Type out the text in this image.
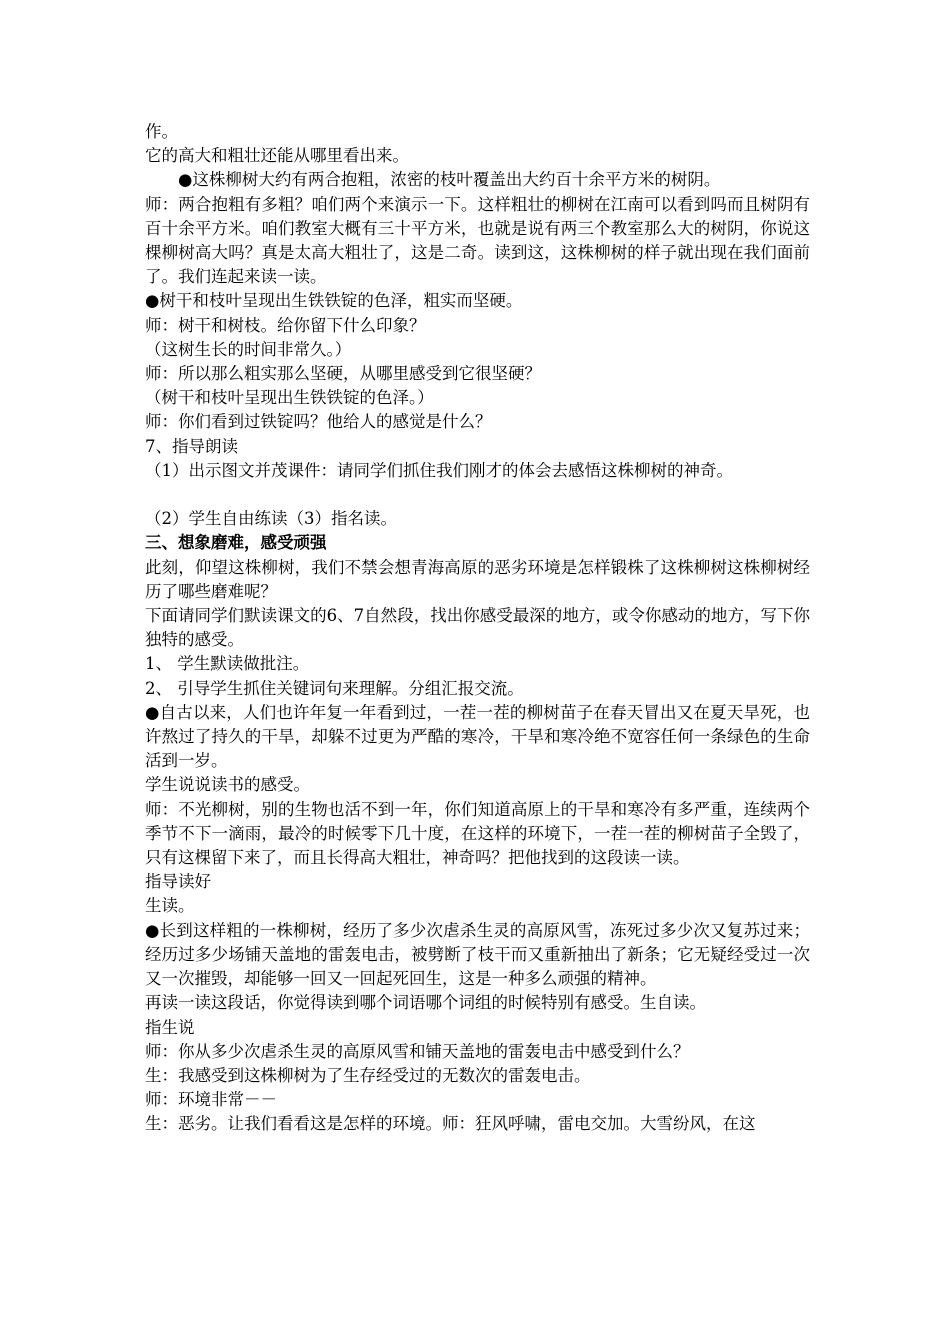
作。

它的高大和粗壮还能从哪里看出来。

●这株柳树大约有两合抱粗，浓密的枝叶覆盖出大约百十余平方米的树阴。

师：两合抱粗有多粗？咱们两个来演示一下。这样粗壮的柳树在江南可以看到吗而且树阴有百十余平方米。咱们教室大概有三十平方米，也就是说有两三个教室那么大的树阴，你说这棵柳树高大吗？真是太高大粗壮了，这是二奇。读到这，这株柳树的样子就出现在我们面前了。我们连起来读一读。

●树干和枝叶呈现出生铁铁锭的色泽，粗实而坚硬。

师：树干和树枝。给你留下什么印象？

（这树生长的时间非常久。）

师：所以那么粗实那么坚硬，从哪里感受到它很坚硬？

（树干和枝叶呈现出生铁铁锭的色泽。）

师：你们看到过铁锭吗？他给人的感觉是什么？

7、指导朗读

（1）出示图文并茂课件：请同学们抓住我们刚才的体会去感悟这株柳树的神奇。

（2）学生自由练读（3）指名读。

三、想象磨难，感受顽强

此刻，仰望这株柳树，我们不禁会想青海高原的恶劣环境是怎样锻株了这株柳树这株柳树经历了哪些磨难呢？

下面请同学们默读课文的6、7自然段，找出你感受最深的地方，或令你感动的地方，写下你独特的感受。

1、 学生默读做批注。

2、 引导学生抓住关键词句来理解。分组汇报交流。

●自古以来，人们也许年复一年看到过，一茬一茬的柳树苗子在春天冒出又在夏天旱死，也许熬过了持久的干旱，却躲不过更为严酷的寒冷，干旱和寒冷绝不宽容任何一条绿色的生命活到一岁。

学生说说读书的感受。

师：不光柳树，别的生物也活不到一年，你们知道高原上的干旱和寒冷有多严重，连续两个季节不下一滴雨，最冷的时候零下几十度，在这样的环境下，一茬一茬的柳树苗子全毁了，只有这棵留下来了，而且长得高大粗壮，神奇吗？把他找到的这段读一读。

指导读好

生读。

●长到这样粗的一株柳树，经历了多少次虐杀生灵的高原风雪，冻死过多少次又复苏过来；经历过多少场铺天盖地的雷轰电击，被劈断了枝干而又重新抽出了新条；它无疑经受过一次又一次摧毁，却能够一回又一回起死回生，这是一种多么顽强的精神。

再读一读这段话，你觉得读到哪个词语哪个词组的时候特别有感受。生自读。

指生说

师：你从多少次虐杀生灵的高原风雪和铺天盖地的雷轰电击中感受到什么？

生：我感受到这株柳树为了生存经受过的无数次的雷轰电击。

师：环境非常－－

生：恶劣。让我们看看这是怎样的环境。师：狂风呼啸，雷电交加。大雪纷风，在这
